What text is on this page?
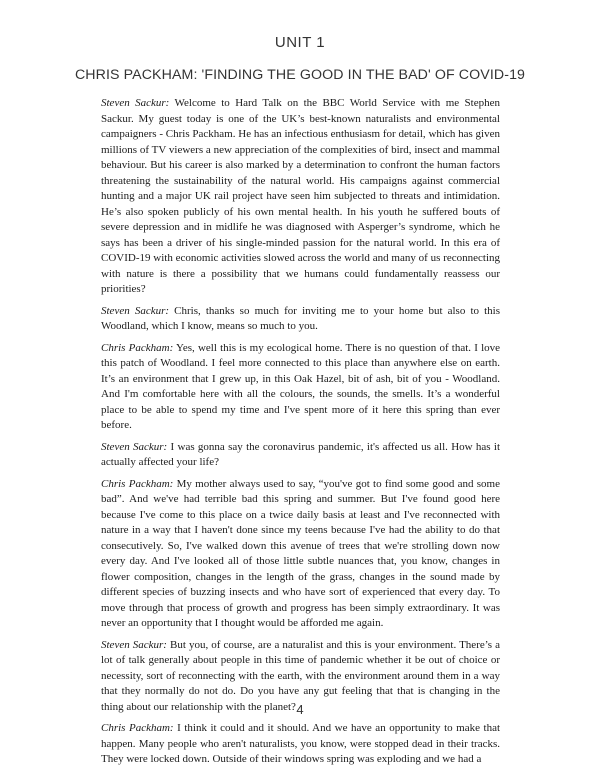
UNIT 1
CHRIS PACKHAM: 'FINDING THE GOOD IN THE BAD' OF COVID-19

Steven Sackur: Welcome to Hard Talk on the BBC World Service with me Stephen Sackur. My guest today is one of the UK’s best-known naturalists and environmental campaigners - Chris Packham. He has an infectious enthusiasm for detail, which has given millions of TV viewers a new appreciation of the complexities of bird, insect and mammal behaviour. But his career is also marked by a determination to confront the human factors threatening the sustainability of the natural world. His campaigns against commercial hunting and a major UK rail project have seen him subjected to threats and intimidation. He’s also spoken publicly of his own mental health. In his youth he suffered bouts of severe depression and in midlife he was diagnosed with Asperger’s syndrome, which he says has been a driver of his single-minded passion for the natural world. In this era of COVID-19 with economic activities slowed across the world and many of us reconnecting with nature is there a possibility that we humans could fundamentally reassess our priorities?

Steven Sackur: Chris, thanks so much for inviting me to your home but also to this Woodland, which I know, means so much to you.

Chris Packham: Yes, well this is my ecological home. There is no question of that. I love this patch of Woodland. I feel more connected to this place than anywhere else on earth. It’s an environment that I grew up, in this Oak Hazel, bit of ash, bit of you - Woodland. And I'm comfortable here with all the colours, the sounds, the smells. It’s a wonderful place to be able to spend my time and I've spent more of it here this spring than ever before.

Steven Sackur: I was gonna say the coronavirus pandemic, it's affected us all. How has it actually affected your life?

Chris Packham: My mother always used to say, “you've got to find some good and some bad”. And we've had terrible bad this spring and summer. But I've found good here because I've come to this place on a twice daily basis at least and I've reconnected with nature in a way that I haven't done since my teens because I've had the ability to do that consecutively. So, I've walked down this avenue of trees that we're strolling down now every day. And I've looked all of those little subtle nuances that, you know, changes in flower composition, changes in the length of the grass, changes in the sound made by different species of buzzing insects and who have sort of experienced that every day. To move through that process of growth and progress has been simply extraordinary. It was never an opportunity that I thought would be afforded me again.

Steven Sackur: But you, of course, are a naturalist and this is your environment. There’s a lot of talk generally about people in this time of pandemic whether it be out of choice or necessity, sort of reconnecting with the earth, with the environment around them in a way that they normally do not do. Do you have any gut feeling that that is changing in the thing about our relationship with the planet?

Chris Packham: I think it could and it should. And we have an opportunity to make that happen. Many people who aren't naturalists, you know, were stopped dead in their tracks. They were locked down. Outside of their windows spring was exploding and we had a

4
